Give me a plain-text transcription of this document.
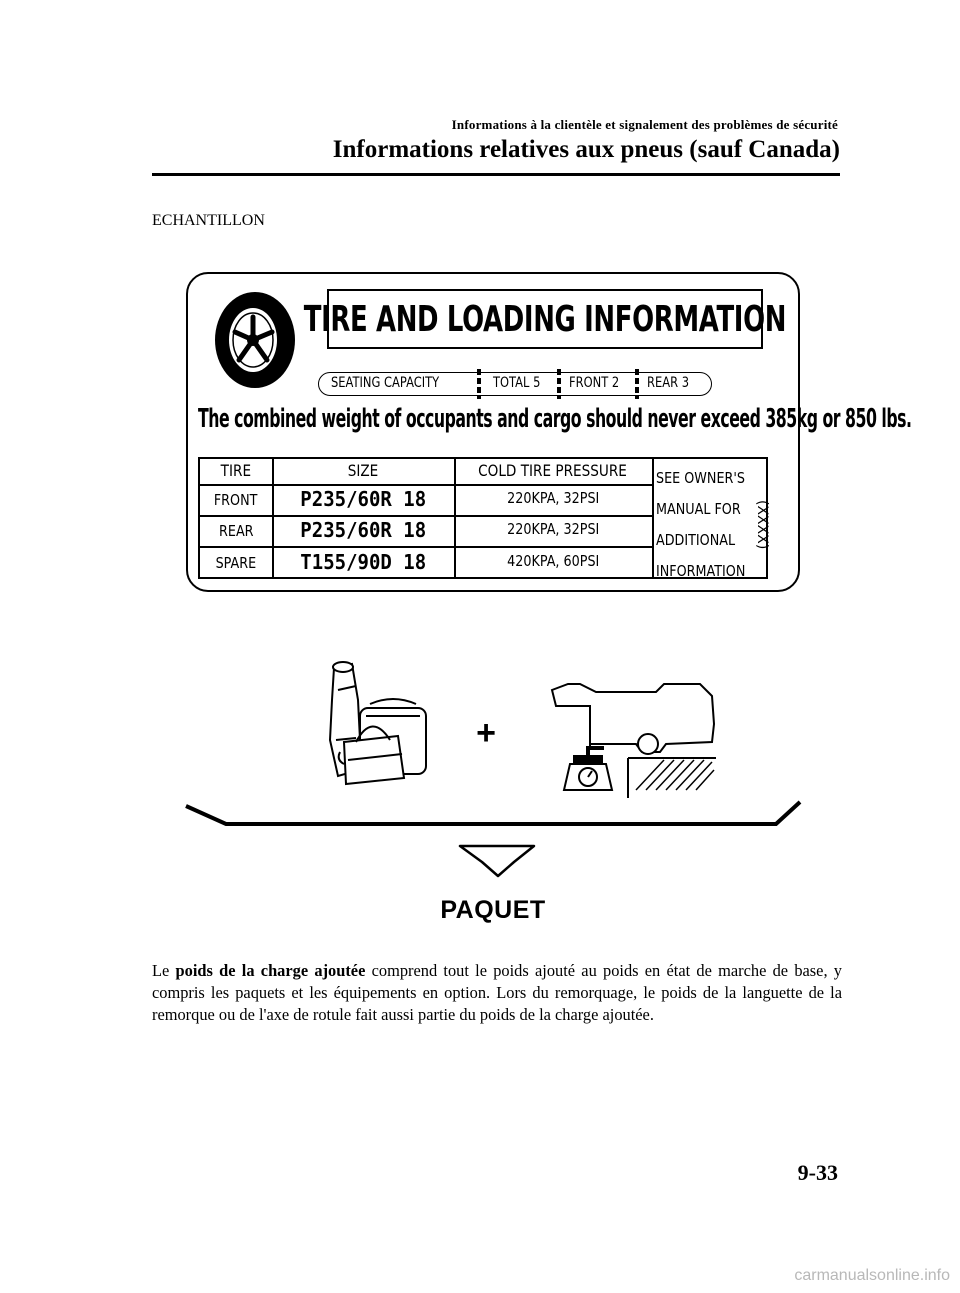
Informations à la clientèle et signalement des problèmes de sécurité
Informations relatives aux pneus (sauf Canada)
ECHANTILLON
TIRE AND LOADING INFORMATION
SEATING CAPACITY	TOTAL 5 FRONT 2 REAR 3
The combined weight of occupants and cargo should never exceed 385kg or 850 lbs.
TIRE	SIZE	COLD TIRE PRESSURE
FRONT	P235/60R 18	220KPA, 32PSI
REAR	P235/60R 18	220KPA, 32PSI
SPARE	T155/90D 18	420KPA, 60PSI
SEE OWNER'S
MANUAL FOR
ADDITIONAL
INFORMATION
(XXXX)
+
PAQUET
Le poids de la charge ajoutée comprend tout le poids ajouté au poids en état de marche de base, y compris les paquets et les équipements en option. Lors du remorquage, le poids de la languette de la remorque ou de l'axe de rotule fait aussi partie du poids de la charge ajoutée.
9-33
carmanualsonline.info
